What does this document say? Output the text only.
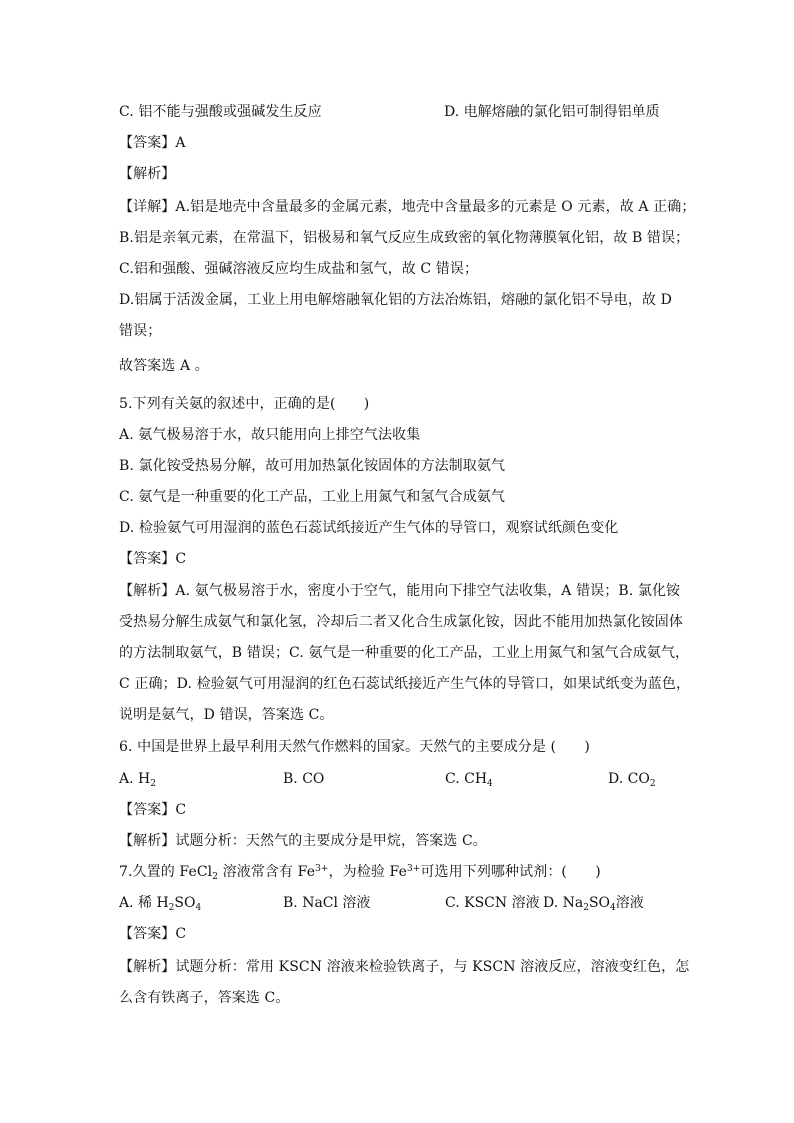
C. 铝不能与强酸或强碱发生反应	D. 电解熔融的氯化铝可制得铝单质
【答案】A
【解析】
【详解】A.铝是地壳中含量最多的金属元素，地壳中含量最多的元素是 O 元素，故 A 正确；
B.铝是亲氧元素，在常温下，铝极易和氧气反应生成致密的氧化物薄膜氧化铝，故 B 错误；
C.铝和强酸、强碱溶液反应均生成盐和氢气，故 C 错误；
D.铝属于活泼金属，工业上用电解熔融氧化铝的方法冶炼铝，熔融的氯化铝不导电，故 D
错误；
故答案选 A 。
5.下列有关氨的叙述中，正确的是(　　)
A. 氨气极易溶于水，故只能用向上排空气法收集
B. 氯化铵受热易分解，故可用加热氯化铵固体的方法制取氨气
C. 氨气是一种重要的化工产品，工业上用氮气和氢气合成氨气
D. 检验氨气可用湿润的蓝色石蕊试纸接近产生气体的导管口，观察试纸颜色变化
【答案】C
【解析】A. 氨气极易溶于水，密度小于空气，能用向下排空气法收集，A 错误；B. 氯化铵
受热易分解生成氨气和氯化氢，冷却后二者又化合生成氯化铵，因此不能用加热氯化铵固体
的方法制取氨气，B 错误；C. 氨气是一种重要的化工产品，工业上用氮气和氢气合成氨气，
C 正确；D. 检验氨气可用湿润的红色石蕊试纸接近产生气体的导管口，如果试纸变为蓝色，
说明是氨气，D 错误，答案选 C。
6. 中国是世界上最早利用天然气作燃料的国家。天然气的主要成分是 (　　)
A. $H_2$	B. CO	C. $CH_4$	D. $CO_2$
【答案】C
【解析】试题分析：天然气的主要成分是甲烷，答案选 C。
7.久置的 FeCl$_2$ 溶液常含有 $Fe^{3+}$，为检验 $Fe^{3+}$可选用下列哪种试剂：(　　)
A. 稀 $H_2SO_4$	B. NaCl 溶液	C. KSCN 溶液 D. $Na_2SO_4$溶液
【答案】C
【解析】试题分析：常用 KSCN 溶液来检验铁离子，与 KSCN 溶液反应，溶液变红色，怎
么含有铁离子，答案选 C。
